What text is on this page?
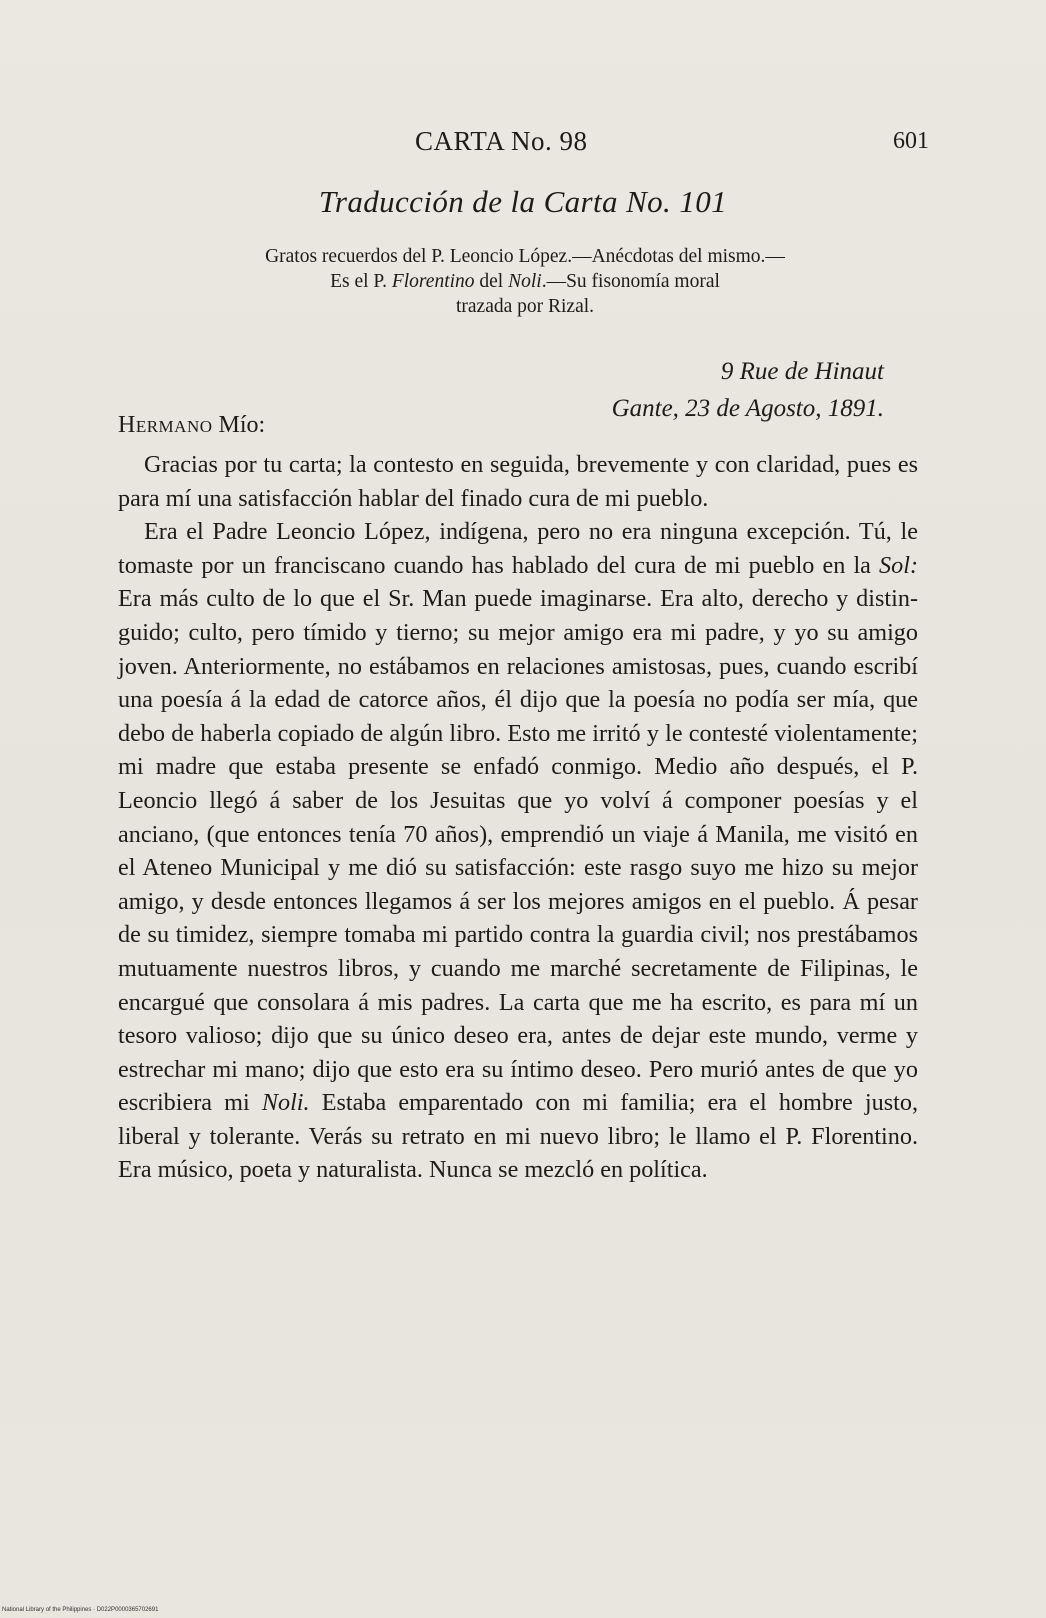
CARTA No. 98	601
Traducción de la Carta No. 101

Gratos recuerdos del P. Leoncio López.—Anécdotas del mismo.—

Es el P. Florentino del Noli.—Su fisonomía moral

trazada por Rizal.

9 Rue de Hinaut

Gante, 23 de Agosto, 1891.

Hermano Mío:

Gracias por tu carta; la contesto en seguida, brevemente y con claridad, pues es para mí una satisfacción hablar del finado cura de mi pueblo.

Era el Padre Leoncio López, indígena, pero no era ninguna excepción. Tú, le tomaste por un franciscano cuando has hablado del cura de mi pueblo en la Sol: Era más culto de lo que el Sr. Man puede imaginarse. Era alto, derecho y distinguido; culto, pero tímido y tierno; su mejor amigo era mi padre, y yo su amigo joven. Anteriormente, no estábamos en relaciones amistosas, pues, cuando escribí una poesía á la edad de catorce años, él dijo que la poesía no podía ser mía, que debo de haberla copiado de algún libro. Esto me irritó y le contesté violentamente; mi madre que estaba presente se enfadó conmigo. Medio año después, el P. Leoncio llegó á saber de los Jesuitas que yo volví á componer poesías y el anciano, (que entonces tenía 70 años), emprendió un viaje á Manila, me visitó en el Ateneo Municipal y me dió su satisfacción: este rasgo suyo me hizo su mejor amigo, y desde entonces llegamos á ser los mejores amigos en el pueblo. Á pesar de su timidez, siempre tomaba mi partido contra la guardia civil; nos prestábamos mutuamente nuestros libros, y cuando me marché secretamente de Filipinas, le encargué que consolara á mis padres. La carta que me ha escrito, es para mí un tesoro valioso; dijo que su único deseo era, antes de dejar este mundo, verme y estrechar mi mano; dijo que esto era su íntimo deseo. Pero murió antes de que yo escribiera mi Noli. Estaba emparentado con mi familia; era el hombre justo, liberal y tolerante. Verás su retrato en mi nuevo libro; le llamo el P. Florentino. Era músico, poeta y naturalista. Nunca se mezcló en política.

National Library of the Philippines · D022P0000365702691
